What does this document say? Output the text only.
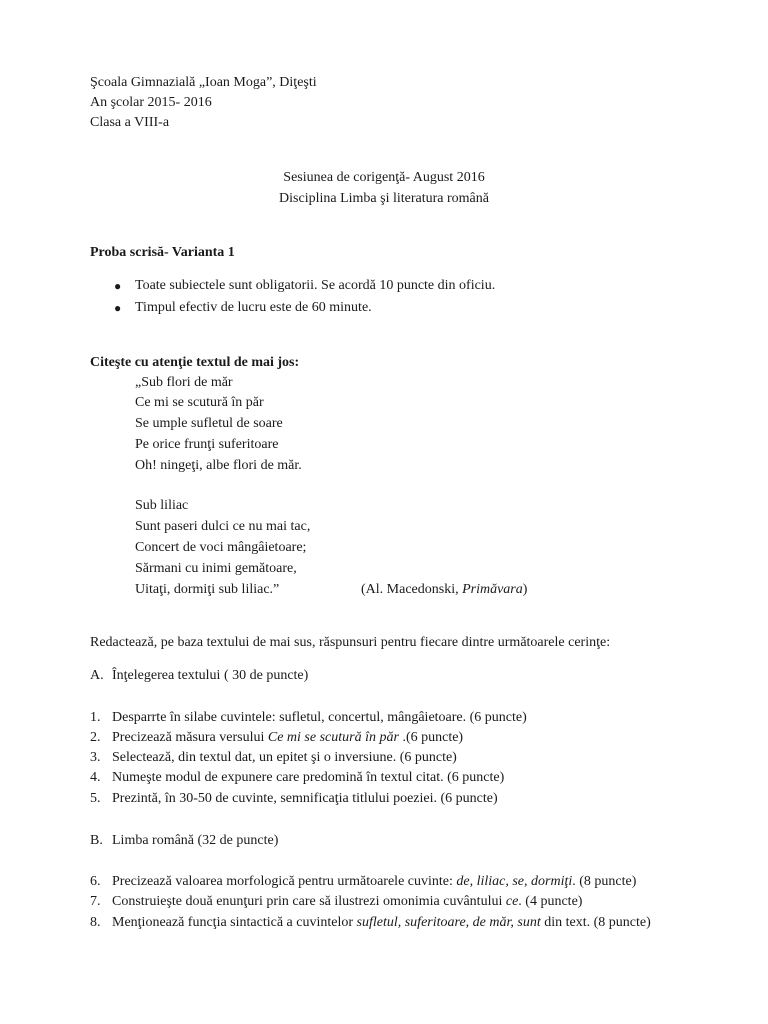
Şcoala Gimnazială „Ioan Moga”, Diţeşti
An şcolar 2015- 2016
Clasa a VIII-a
Sesiunea de corigenţă- August 2016
Disciplina Limba şi literatura română
Proba scrisă- Varianta 1
● Toate subiectele sunt obligatorii. Se acordă 10 puncte din oficiu.
● Timpul efectiv de lucru este de 60 minute.
Citeşte cu atenţie textul de mai jos:
„Sub flori de măr
Ce mi se scutură în păr
Se umple sufletul de soare
Pe orice frunţi suferitoare
Oh! ningeţi, albe flori de măr.
Sub liliac
Sunt paseri dulci ce nu mai tac,
Concert de voci mângâietoare;
Sărmani cu inimi gemătoare,
Uitaţi, dormiţi sub liliac.”	(Al. Macedonski, Primăvara)
Redactează, pe baza textului de mai sus, răspunsuri pentru fiecare dintre următoarele cerinţe:
A. Înţelegerea textului ( 30 de puncte)
1. Desparrte în silabe cuvintele: sufletul, concertul, mângâietoare. (6 puncte)
2. Precizează măsura versului Ce mi se scutură în păr .(6 puncte)
3. Selectează, din textul dat, un epitet şi o inversiune. (6 puncte)
4. Numeşte modul de expunere care predomină în textul citat. (6 puncte)
5. Prezintă, în 30-50 de cuvinte, semnificaţia titlului poeziei. (6 puncte)
B. Limba română (32 de puncte)
6. Precizează valoarea morfologică pentru următoarele cuvinte: de, liliac, se, dormiţi. (8 puncte)
7. Construieşte două enunţuri prin care să ilustrezi omonimia cuvântului ce. (4 puncte)
8. Menţionează funcţia sintactică a cuvintelor sufletul, suferitoare, de măr, sunt din text. (8 puncte)
